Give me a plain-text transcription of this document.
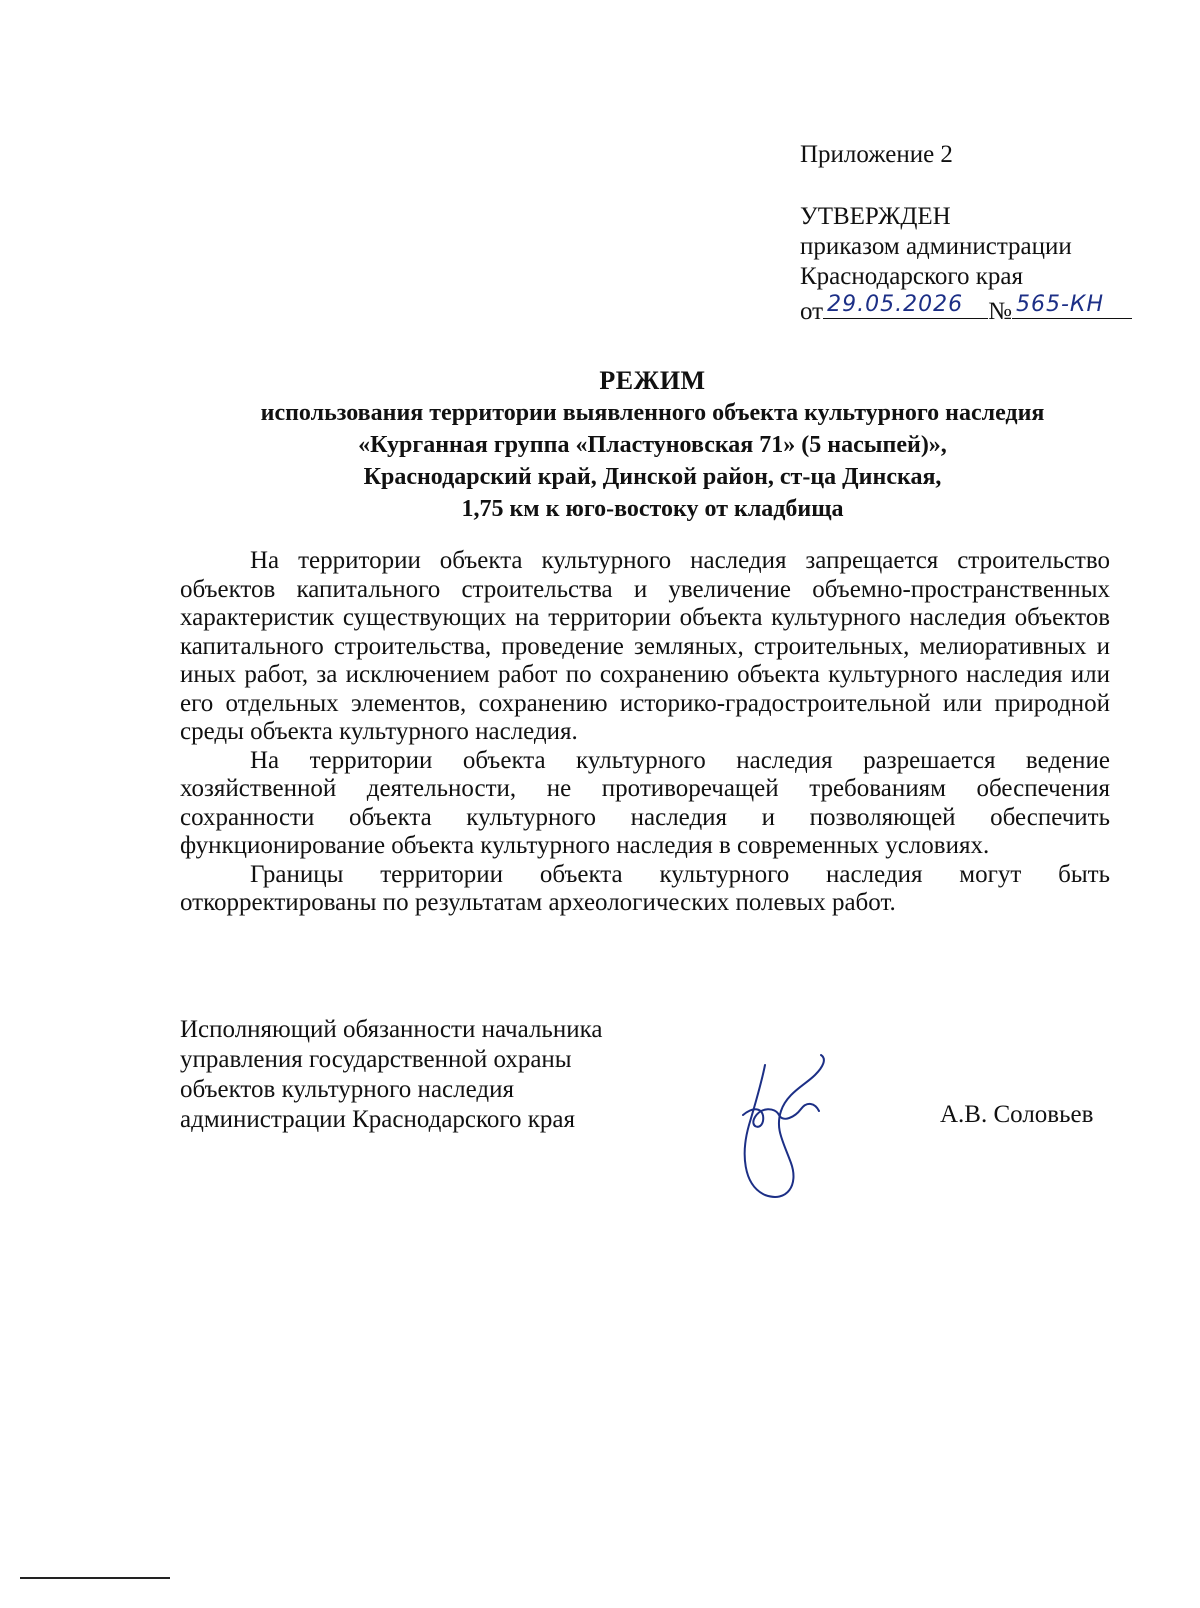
Приложение 2
УТВЕРЖДЕН
приказом администрации
Краснодарского края
от 29.05.2026 № 565-КН
РЕЖИМ
использования территории выявленного объекта культурного наследия
«Курганная группа «Пластуновская 71» (5 насыпей)»,
Краснодарский край, Динской район, ст-ца Динская,
1,75 км к юго-востоку от кладбища

На территории объекта культурного наследия запрещается строительство объектов капитального строительства и увеличение объемно-пространственных характеристик существующих на территории объекта культурного наследия объектов капитального строительства, проведение земляных, строительных, мелиоративных и иных работ, за исключением работ по сохранению объекта культурного наследия или его отдельных элементов, сохранению историко-градостроительной или природной среды объекта культурного наследия.

На территории объекта культурного наследия разрешается ведение хозяйственной деятельности, не противоречащей требованиям обеспечения сохранности объекта культурного наследия и позволяющей обеспечить функционирование объекта культурного наследия в современных условиях.

Границы территории объекта культурного наследия могут быть откорректированы по результатам археологических полевых работ.

Исполняющий обязанности начальника
управления государственной охраны
объектов культурного наследия
администрации Краснодарского края	А.В. Соловьев
